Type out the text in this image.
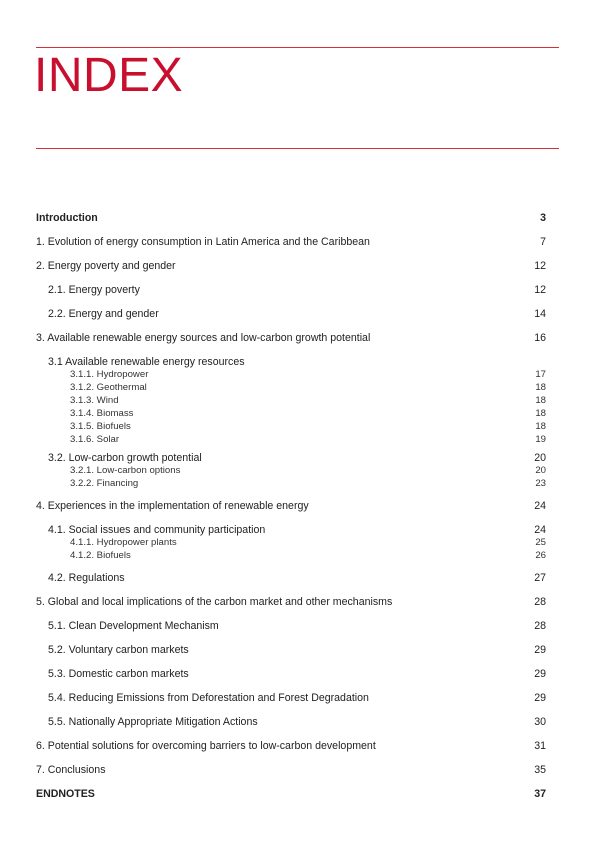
INDEX
Introduction	3
1. Evolution of energy consumption in Latin America and the Caribbean	7
2. Energy poverty and gender	12
2.1. Energy poverty	12
2.2. Energy and gender	14
3. Available renewable energy sources and low-carbon growth potential	16
3.1 Available renewable energy resources
3.1.1. Hydropower	17
3.1.2. Geothermal	18
3.1.3. Wind	18
3.1.4. Biomass	18
3.1.5. Biofuels	18
3.1.6. Solar	19
3.2. Low-carbon growth potential	20
3.2.1. Low-carbon options	20
3.2.2. Financing	23
4. Experiences in the implementation of renewable energy	24
4.1. Social issues and community participation	24
4.1.1. Hydropower plants	25
4.1.2. Biofuels	26
4.2. Regulations	27
5. Global and local implications of the carbon market and other mechanisms	28
5.1. Clean Development Mechanism	28
5.2. Voluntary carbon markets	29
5.3. Domestic carbon markets	29
5.4. Reducing Emissions from Deforestation and Forest Degradation	29
5.5. Nationally Appropriate Mitigation Actions	30
6. Potential solutions for overcoming barriers to low-carbon development	31
7. Conclusions	35
ENDNOTES	37
